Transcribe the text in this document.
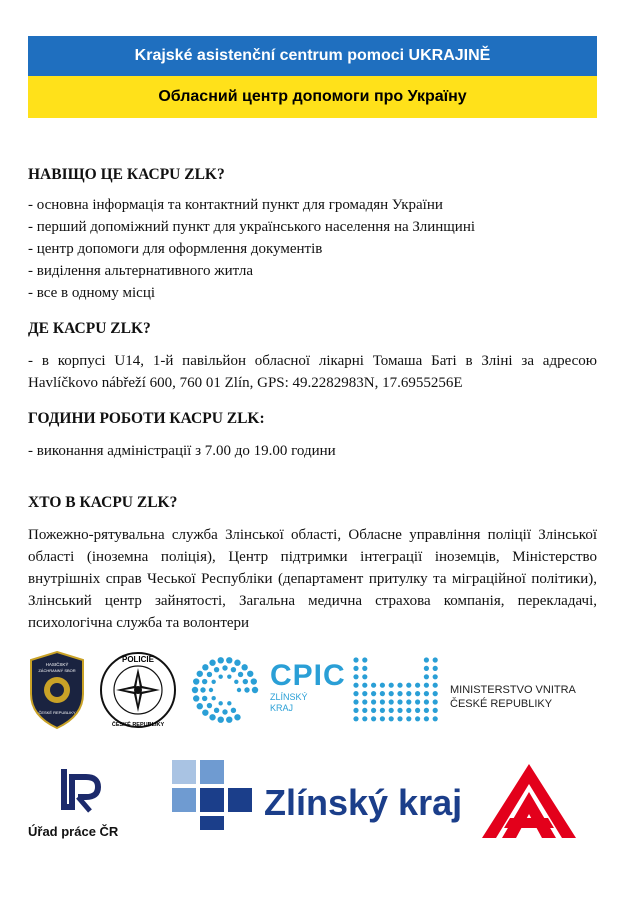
Krajské asistenční centrum pomoci UKRAJINĚ
Обласний центр допомоги про Україну

НАВІЩО ЦЕ КАСРU ZLK?

- основна інформація та контактний пункт для громадян України

- перший допоміжний пункт для українського населення на Злинщині

- центр допомоги для оформлення документів

- виділення альтернативного житла

- все в одному місці

ДЕ КАСРU ZLK?

- в корпусі U14, 1-й павільйон обласної лікарні Томаша Баті в Зліні за адресою Havlíčkovo nábřeží 600, 760 01 Zlín, GPS: 49.2282983N, 17.6955256E

ГОДИНИ РОБОТИ КАСРU ZLK:

- виконання адміністрації з 7.00 до 19.00 години

ХТО В КАСРU ZLK?

Пожежно-рятувальна служба Злінської області, Обласне управління поліції Злінської області (іноземна поліція), Центр підтримки інтеграції іноземців, Міністерство внутрішніх справ Чеської Республіки (департамент притулку та міграційної політики), Злінський центр зайнятості, Загальна медична страхова компанія, перекладачі, психологічна служба та волонтери

HASIČSKÝ
ZÁCHRANNÝ SBOR
ČESKÉ REPUBLIKY
POLICIE
ČESKÉ REPUBLIKY
CPIC
ZLÍNSKÝ
KRAJ
MINISTERSTVO VNITRA
ČESKÉ REPUBLIKY
Úřad práce ČR
Zlínský kraj
